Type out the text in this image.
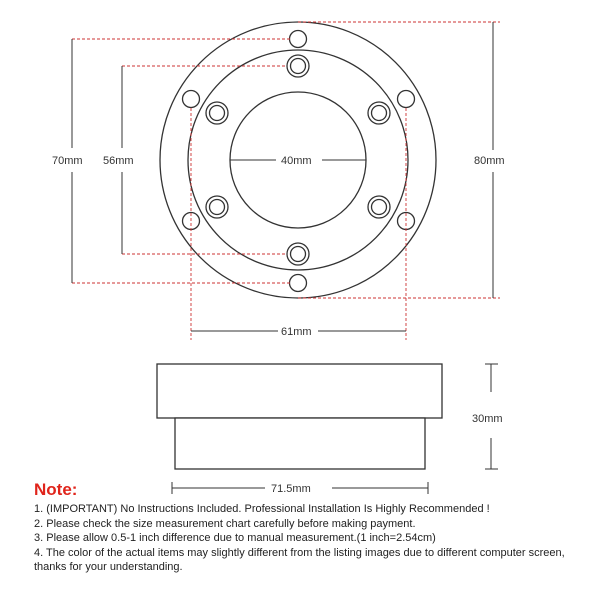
70mm 56mm	40mm	80mm
61mm
30mm
71.5mm
Note:
1. (IMPORTANT) No Instructions Included. Professional Installation Is Highly Recommended !
2. Please check the size measurement chart carefully before making payment.
3. Please allow 0.5-1 inch difference due to manual measurement.(1 inch=2.54cm)
4. The color of the actual items may slightly different from the listing images due to different computer screen, thanks for your understanding.
